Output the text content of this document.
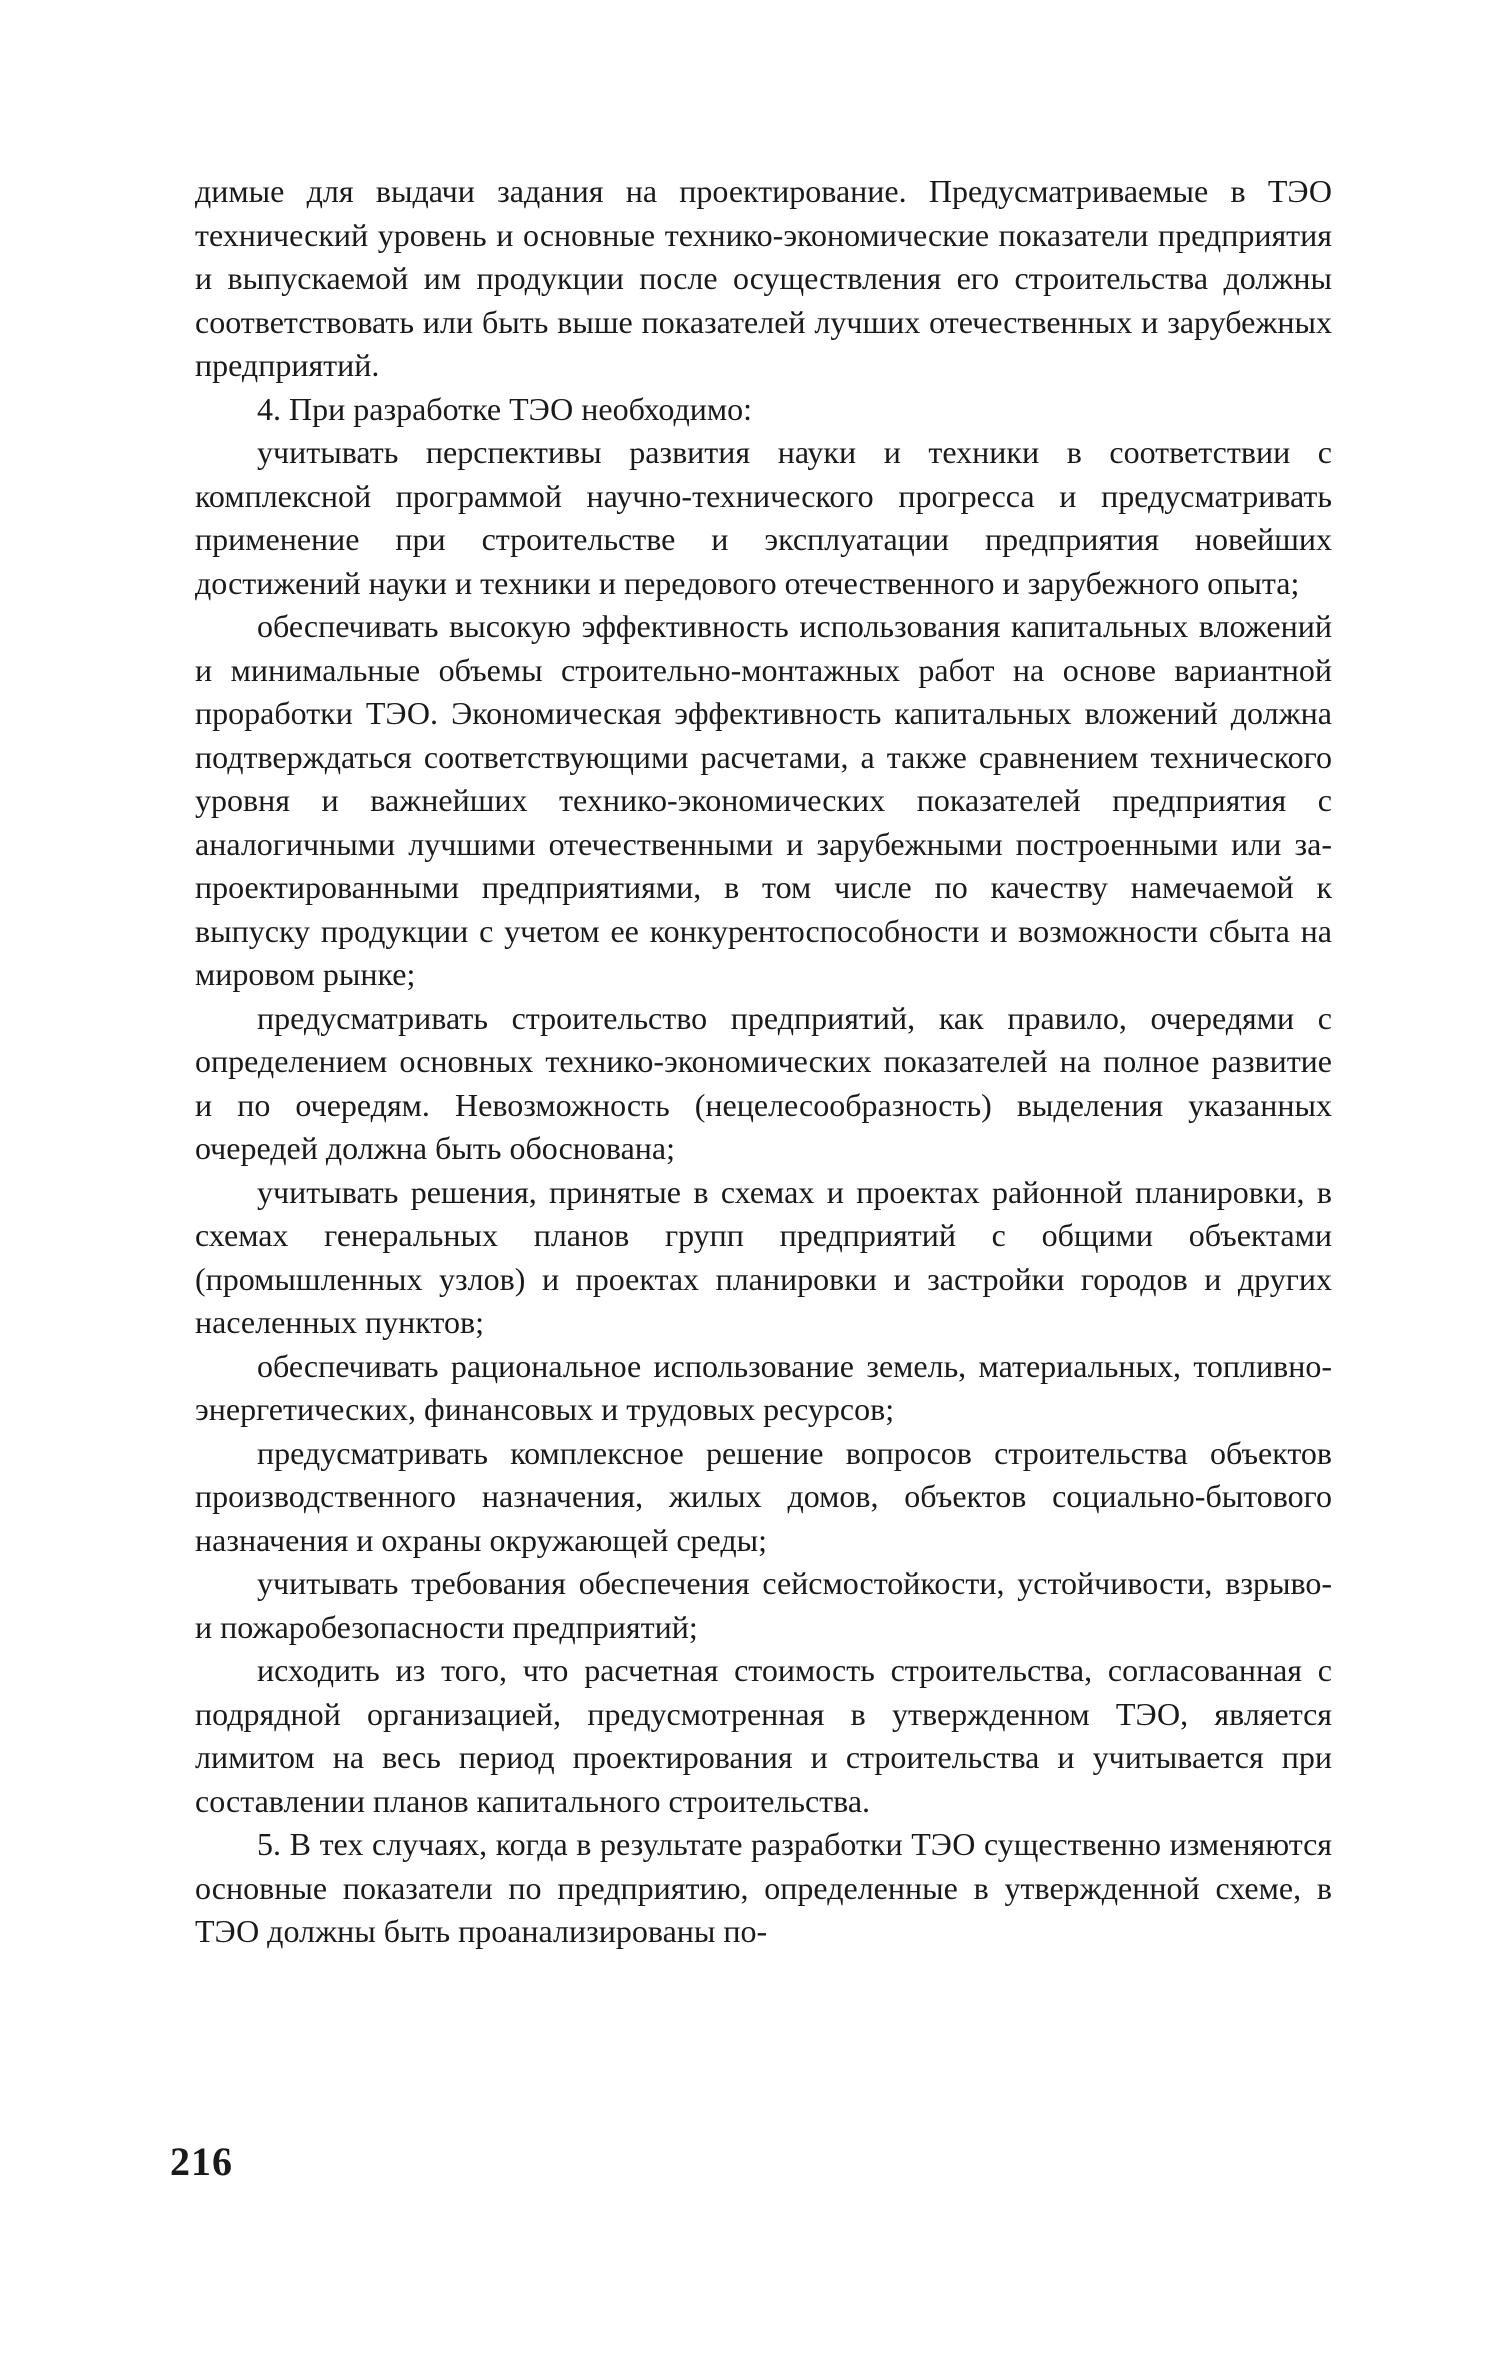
димые для выдачи задания на проектирование. Предусматриваемые в ТЭО технический уровень и основные технико-экономические показатели предприятия и выпускаемой им продукции после осуществления его строительства должны соответствовать или быть выше показателей лучших отечественных и зарубежных предприятий.

4. При разработке ТЭО необходимо:

учитывать перспективы развития науки и техники в соответствии с комплексной программой научно-технического прогресса и предусматривать применение при строительстве и эксплуатации предприятия новейших достижений науки и техники и передового отечественного и зарубежного опыта;

обеспечивать высокую эффективность использования капитальных вложений и минимальные объемы строительно-монтажных работ на основе вариантной проработки ТЭО. Экономическая эффективность капитальных вложений должна подтверждаться соответствующими расчетами, а также сравнением технического уровня и важнейших технико-экономических показателей предприятия с аналогичными лучшими отечественными и зарубежными построенными или запроектированными предприятиями, в том числе по качеству намечаемой к выпуску продукции с учетом ее конкурентоспособности и возможности сбыта на мировом рынке;

предусматривать строительство предприятий, как правило, очередями с определением основных технико-экономических показателей на полное развитие и по очередям. Невозможность (нецелесообразность) выделения указанных очередей должна быть обоснована;

учитывать решения, принятые в схемах и проектах районной планировки, в схемах генеральных планов групп предприятий с общими объектами (промышленных узлов) и проектах планировки и застройки городов и других населенных пунктов;

обеспечивать рациональное использование земель, материальных, топливно-энергетических, финансовых и трудовых ресурсов;

предусматривать комплексное решение вопросов строительства объектов производственного назначения, жилых домов, объектов социально-бытового назначения и охраны окружающей среды;

учитывать требования обеспечения сейсмостойкости, устойчивости, взрыво- и пожаробезопасности предприятий;

исходить из того, что расчетная стоимость строительства, согласованная с подрядной организацией, предусмотренная в утвержденном ТЭО, является лимитом на весь период проектирования и строительства и учитывается при составлении планов капитального строительства.

5. В тех случаях, когда в результате разработки ТЭО существенно изменяются основные показатели по предприятию, определенные в утвержденной схеме, в ТЭО должны быть проанализированы по-

216
